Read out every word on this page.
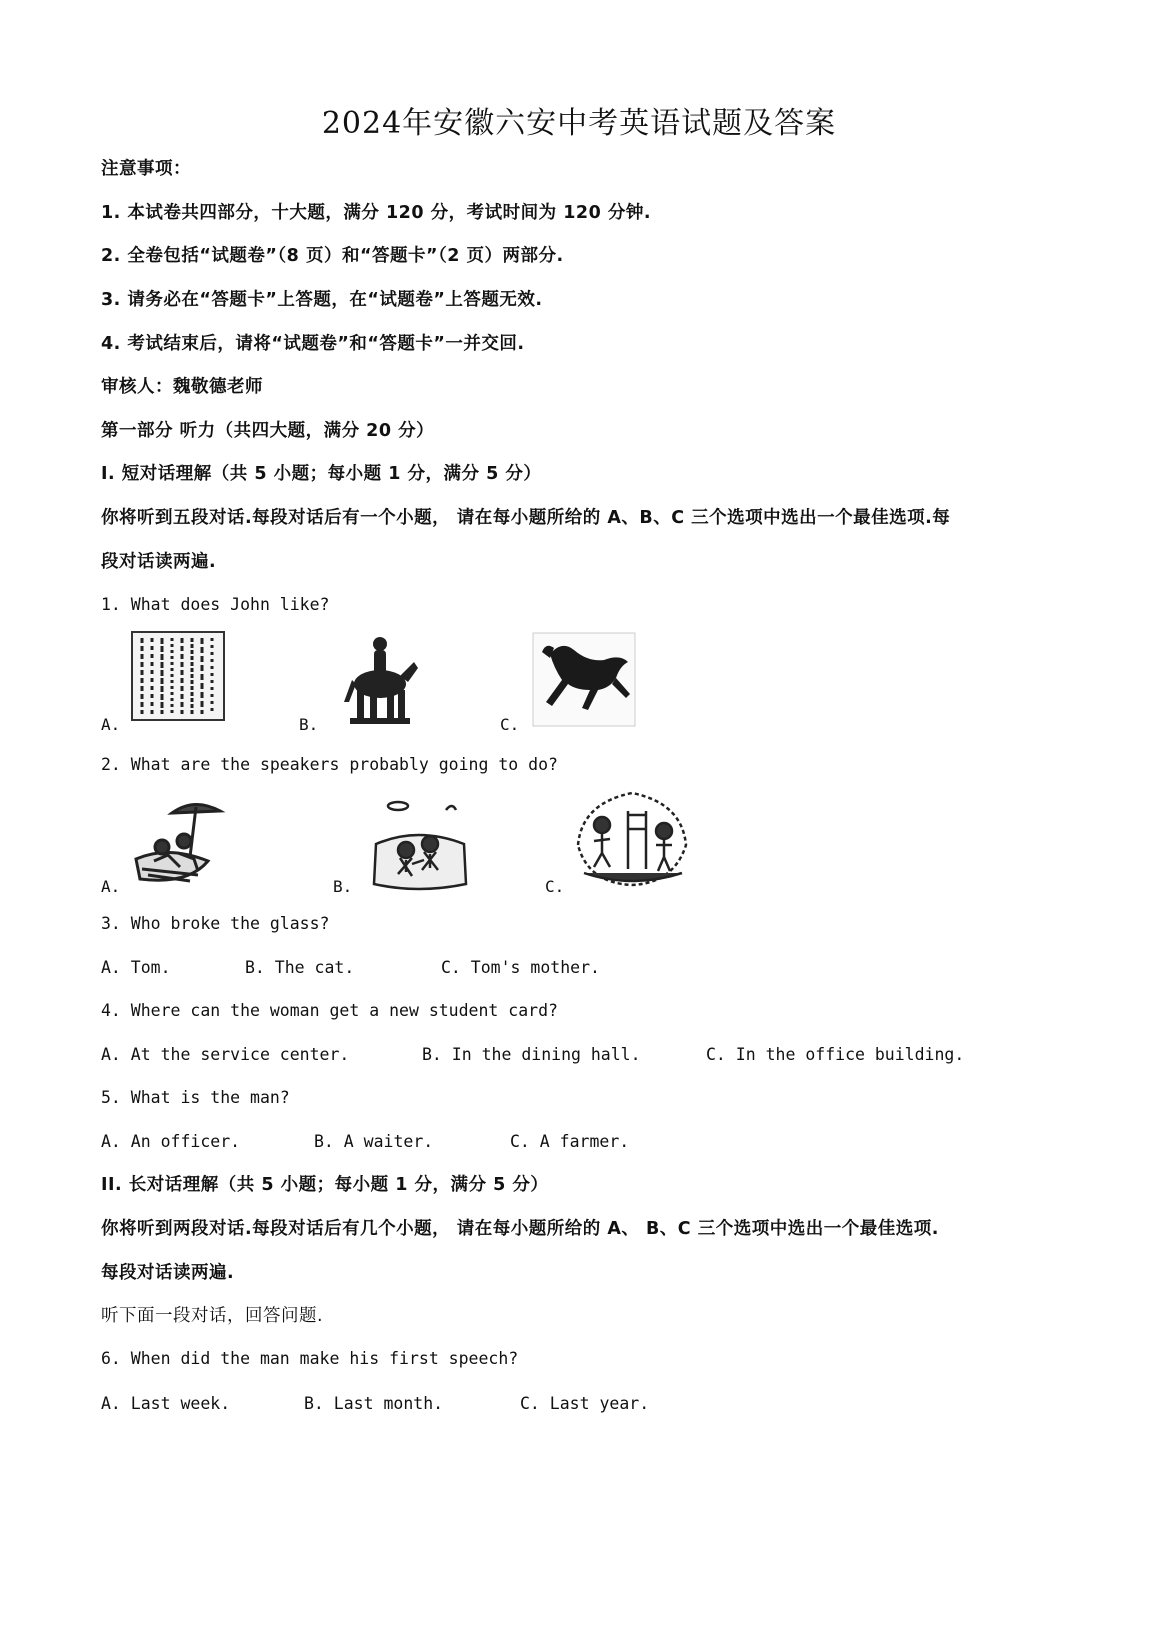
2024年安徽六安中考英语试题及答案
注意事项：
1. 本试卷共四部分，十大题，满分 120 分，考试时间为 120 分钟.
2. 全卷包括“试题卷”（8 页）和“答题卡”（2 页）两部分.
3. 请务必在“答题卡”上答题，在“试题卷”上答题无效.
4. 考试结束后，请将“试题卷”和“答题卡”一并交回.
审核人：魏敬德老师
第一部分 听力（共四大题，满分 20 分）
I. 短对话理解（共 5 小题；每小题 1 分，满分 5 分）
你将听到五段对话.每段对话后有一个小题， 请在每小题所给的 A、B、C 三个选项中选出一个最佳选项.每
段对话读两遍.
1. What does John like?
A.	B.	C.
2. What are the speakers probably going to do?
A.	B.	C.
3. Who broke the glass?
A. Tom.	B. The cat.	C. Tom's mother.
4. Where can the woman get a new student card?
A. At the service center.	B. In the dining hall.	C. In the office building.
5. What is the man?
A. An officer.	B. A waiter.	C. A farmer.
II. 长对话理解（共 5 小题；每小题 1 分，满分 5 分）
你将听到两段对话.每段对话后有几个小题， 请在每小题所给的 A、 B、C 三个选项中选出一个最佳选项.
每段对话读两遍.
听下面一段对话，回答问题.
6. When did the man make his first speech?
A. Last week.	B. Last month.	C. Last year.
